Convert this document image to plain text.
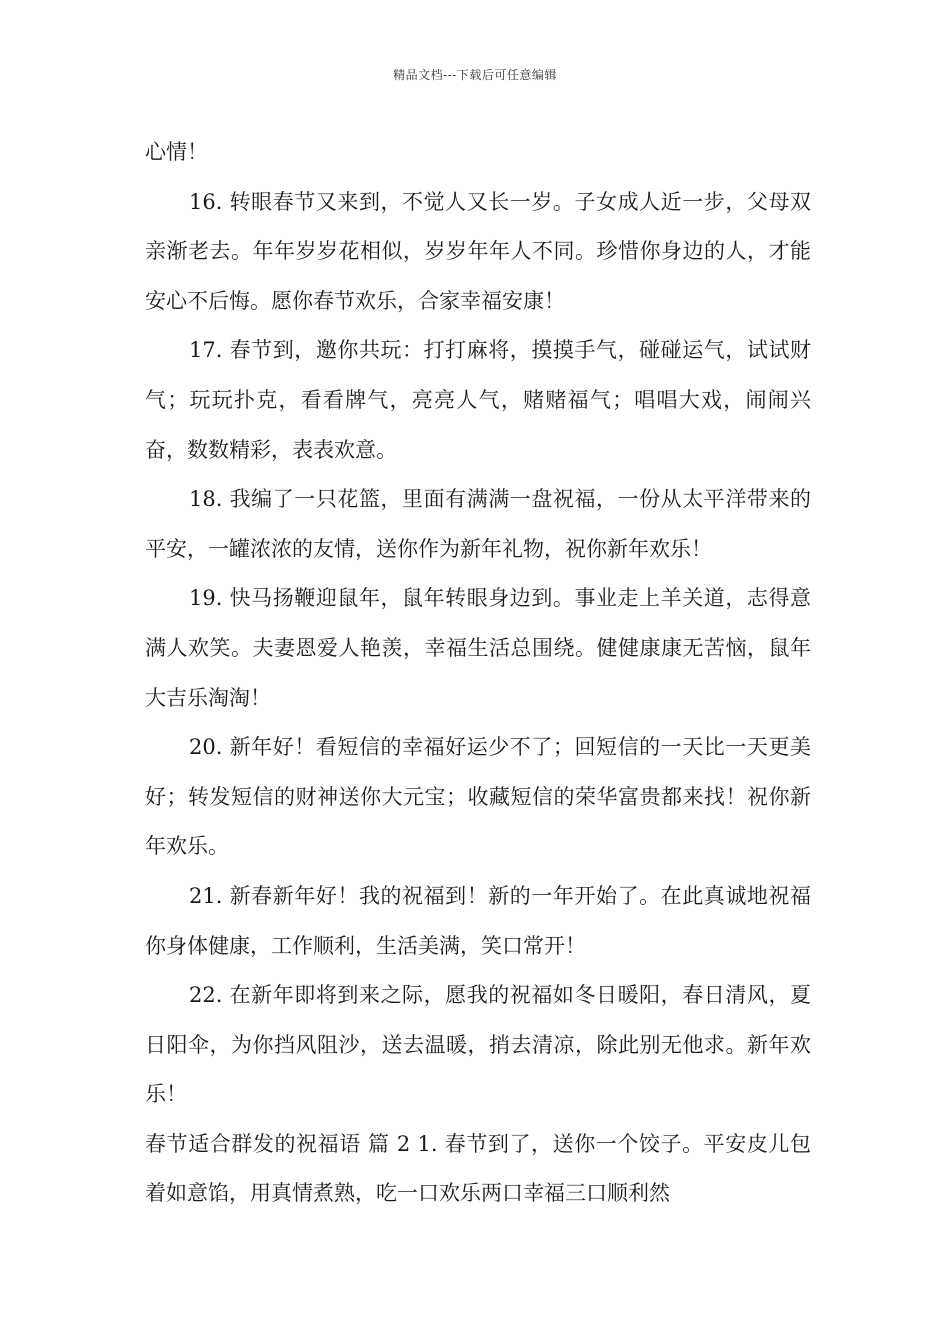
精品文档---下载后可任意编辑

心情！

16. 转眼春节又来到，不觉人又长一岁。子女成人近一步，父母双亲渐老去。年年岁岁花相似，岁岁年年人不同。珍惜你身边的人，才能安心不后悔。愿你春节欢乐，合家幸福安康！

17. 春节到，邀你共玩：打打麻将，摸摸手气，碰碰运气，试试财气；玩玩扑克，看看牌气，亮亮人气，赌赌福气；唱唱大戏，闹闹兴奋，数数精彩，表表欢意。

18. 我编了一只花篮，里面有满满一盘祝福，一份从太平洋带来的平安，一罐浓浓的友情，送你作为新年礼物，祝你新年欢乐！

19. 快马扬鞭迎鼠年，鼠年转眼身边到。事业走上羊关道，志得意满人欢笑。夫妻恩爱人艳羡，幸福生活总围绕。健健康康无苦恼，鼠年大吉乐淘淘！

20. 新年好！看短信的幸福好运少不了；回短信的一天比一天更美好；转发短信的财神送你大元宝；收藏短信的荣华富贵都来找！祝你新年欢乐。

21. 新春新年好！我的祝福到！新的一年开始了。在此真诚地祝福你身体健康，工作顺利，生活美满，笑口常开！

22. 在新年即将到来之际，愿我的祝福如冬日暖阳，春日清风，夏日阳伞，为你挡风阻沙，送去温暖，捎去清凉，除此别无他求。新年欢乐！

春节适合群发的祝福语 篇 2 1. 春节到了，送你一个饺子。平安皮儿包着如意馅，用真情煮熟，吃一口欢乐两口幸福三口顺利然
